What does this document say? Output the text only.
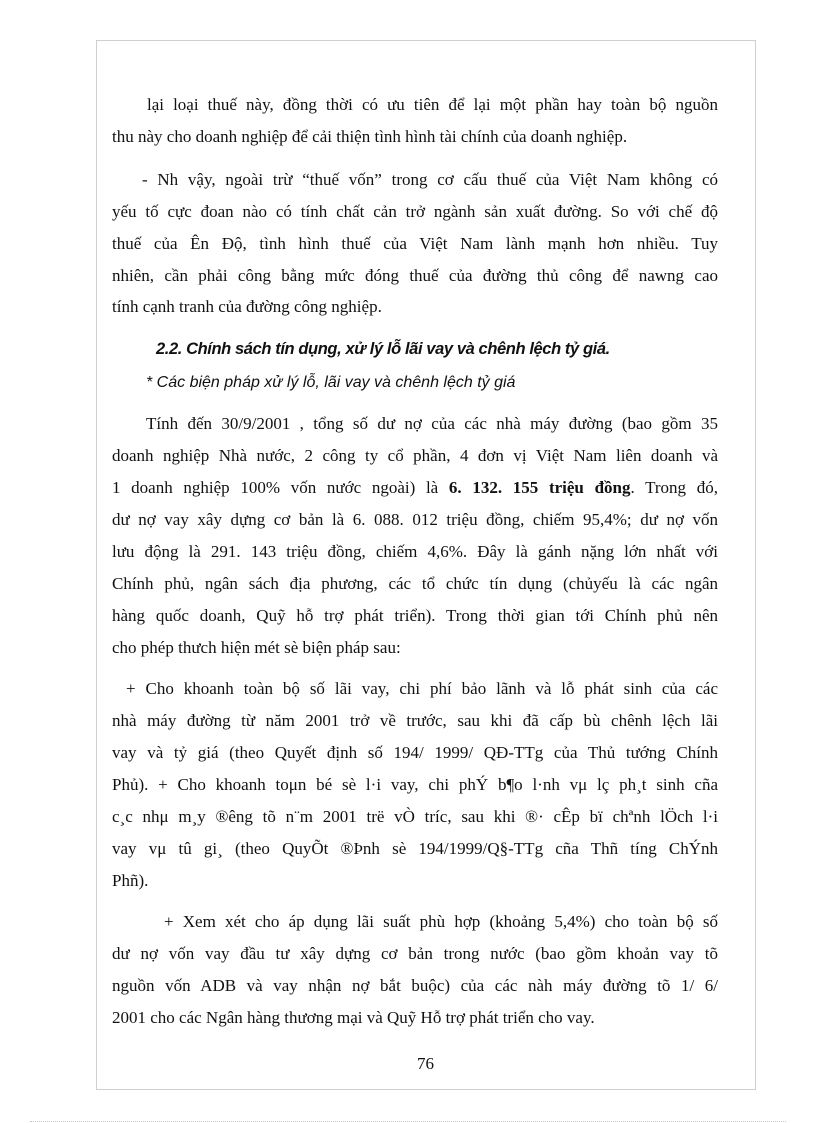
lại loại thuế này, đồng thời có ưu tiên để lại một phần hay toàn bộ nguồn
thu này cho doanh nghiệp để cải thiện tình hình tài chính của doanh nghiệp.
- Nh vậy, ngoài trừ “thuế vốn” trong cơ cấu thuế của Việt Nam không có
yếu tố cực đoan nào có tính chất cản trở ngành sản xuất đường. So với chế độ
thuế của Ên Độ, tình hình thuế của Việt Nam lành mạnh hơn nhiều. Tuy
nhiên, cần phải công bằng mức đóng thuế của đường thủ công để nawng cao
tính cạnh tranh của đường công nghiệp.
2.2. Chính sách tín dụng, xử lý lỗ lãi vay và chênh lệch tỷ giá.
* Các biện pháp xử lý lỗ, lãi vay và chênh lệch tỷ giá
Tính đến 30/9/2001 , tổng số dư nợ của các nhà máy đường (bao gồm 35
doanh nghiệp Nhà nước, 2 công ty cổ phần, 4 đơn vị Việt Nam liên doanh và
1 doanh nghiệp 100% vốn nước ngoài) là 6. 132. 155 triệu đồng. Trong đó,
dư nợ vay xây dựng cơ bản là 6. 088. 012 triệu đồng, chiếm 95,4%; dư nợ vốn
lưu động là 291. 143 triệu đồng, chiếm 4,6%. Đây là gánh nặng lớn nhất với
Chính phủ, ngân sách địa phương, các tổ chức tín dụng (chủyếu là các ngân
hàng quốc doanh, Quỹ hỗ trợ phát triển). Trong thời gian tới Chính phủ nên
cho phép thưch hiện mét sè biện pháp sau:
+ Cho khoanh toàn bộ số lãi vay, chi phí bảo lãnh và lỗ phát sinh của các
nhà máy đường từ năm 2001 trở về trước, sau khi đã cấp bù chênh lệch lãi
vay và tỷ giá (theo Quyết định số 194/ 1999/ QĐ-TTg của Thủ tướng Chính
Phủ). + Cho khoanh toμn bé sè l·i vay, chi phÝ b¶o l·nh vμ lç ph¸t sinh cña
c¸c nhμ m¸y ®êng tõ n¨m 2001 trë vÒ tríc, sau khi ®· cÊp bï chªnh lÖch l·i
vay vμ tû gi¸ (theo QuyÕt ®Þnh sè 194/1999/Q§-TTg cña Thñ tíng ChÝnh
Phñ).
+ Xem xét cho áp dụng lãi suất phù hợp (khoảng 5,4%) cho toàn bộ số
dư nợ vốn vay đầu tư xây dựng cơ bản trong nước (bao gồm khoản vay tõ
nguồn vốn ADB và vay nhận nợ bắt buộc) của các nàh máy đường tõ 1/ 6/
2001 cho các Ngân hàng thương mại và Quỹ Hỗ trợ phát triển cho vay.
76
